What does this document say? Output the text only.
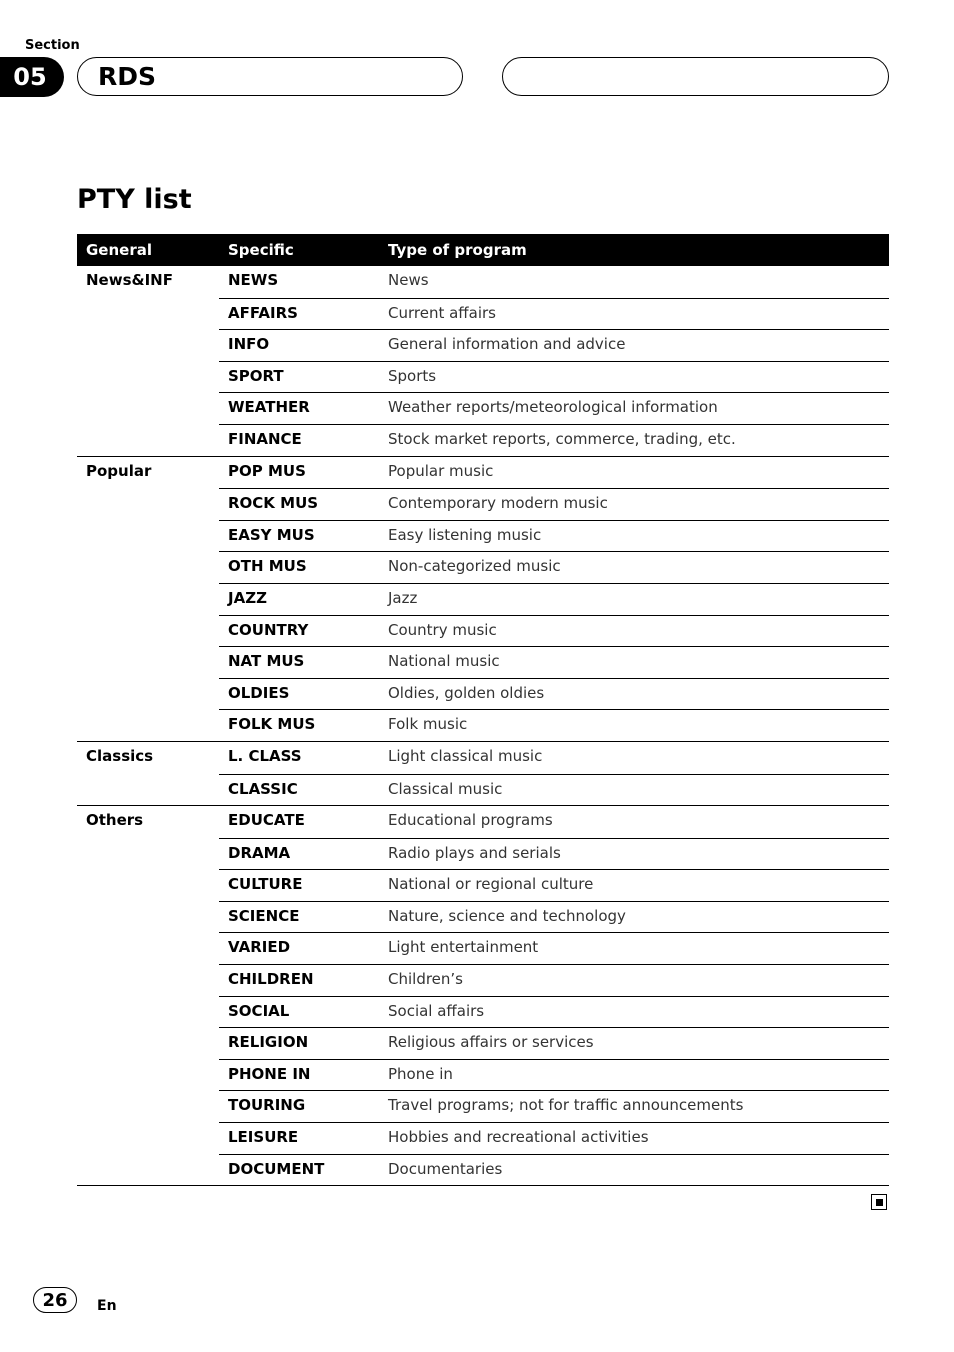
Section
05	RDS
PTY list
General	Specific	Type of program
News&INF	NEWS	News
AFFAIRS	Current affairs
INFO	General information and advice
SPORT	Sports
WEATHER	Weather reports/meteorological information
FINANCE	Stock market reports, commerce, trading, etc.
Popular	POP MUS	Popular music
ROCK MUS	Contemporary modern music
EASY MUS	Easy listening music
OTH MUS	Non-categorized music
JAZZ	Jazz
COUNTRY	Country music
NAT MUS	National music
OLDIES	Oldies, golden oldies
FOLK MUS	Folk music
Classics	L. CLASS	Light classical music
CLASSIC	Classical music
Others	EDUCATE	Educational programs
DRAMA	Radio plays and serials
CULTURE	National or regional culture
SCIENCE	Nature, science and technology
VARIED	Light entertainment
CHILDREN	Children’s
SOCIAL	Social affairs
RELIGION	Religious affairs or services
PHONE IN	Phone in
TOURING	Travel programs; not for traffic announcements
LEISURE	Hobbies and recreational activities
DOCUMENT	Documentaries
26	En
